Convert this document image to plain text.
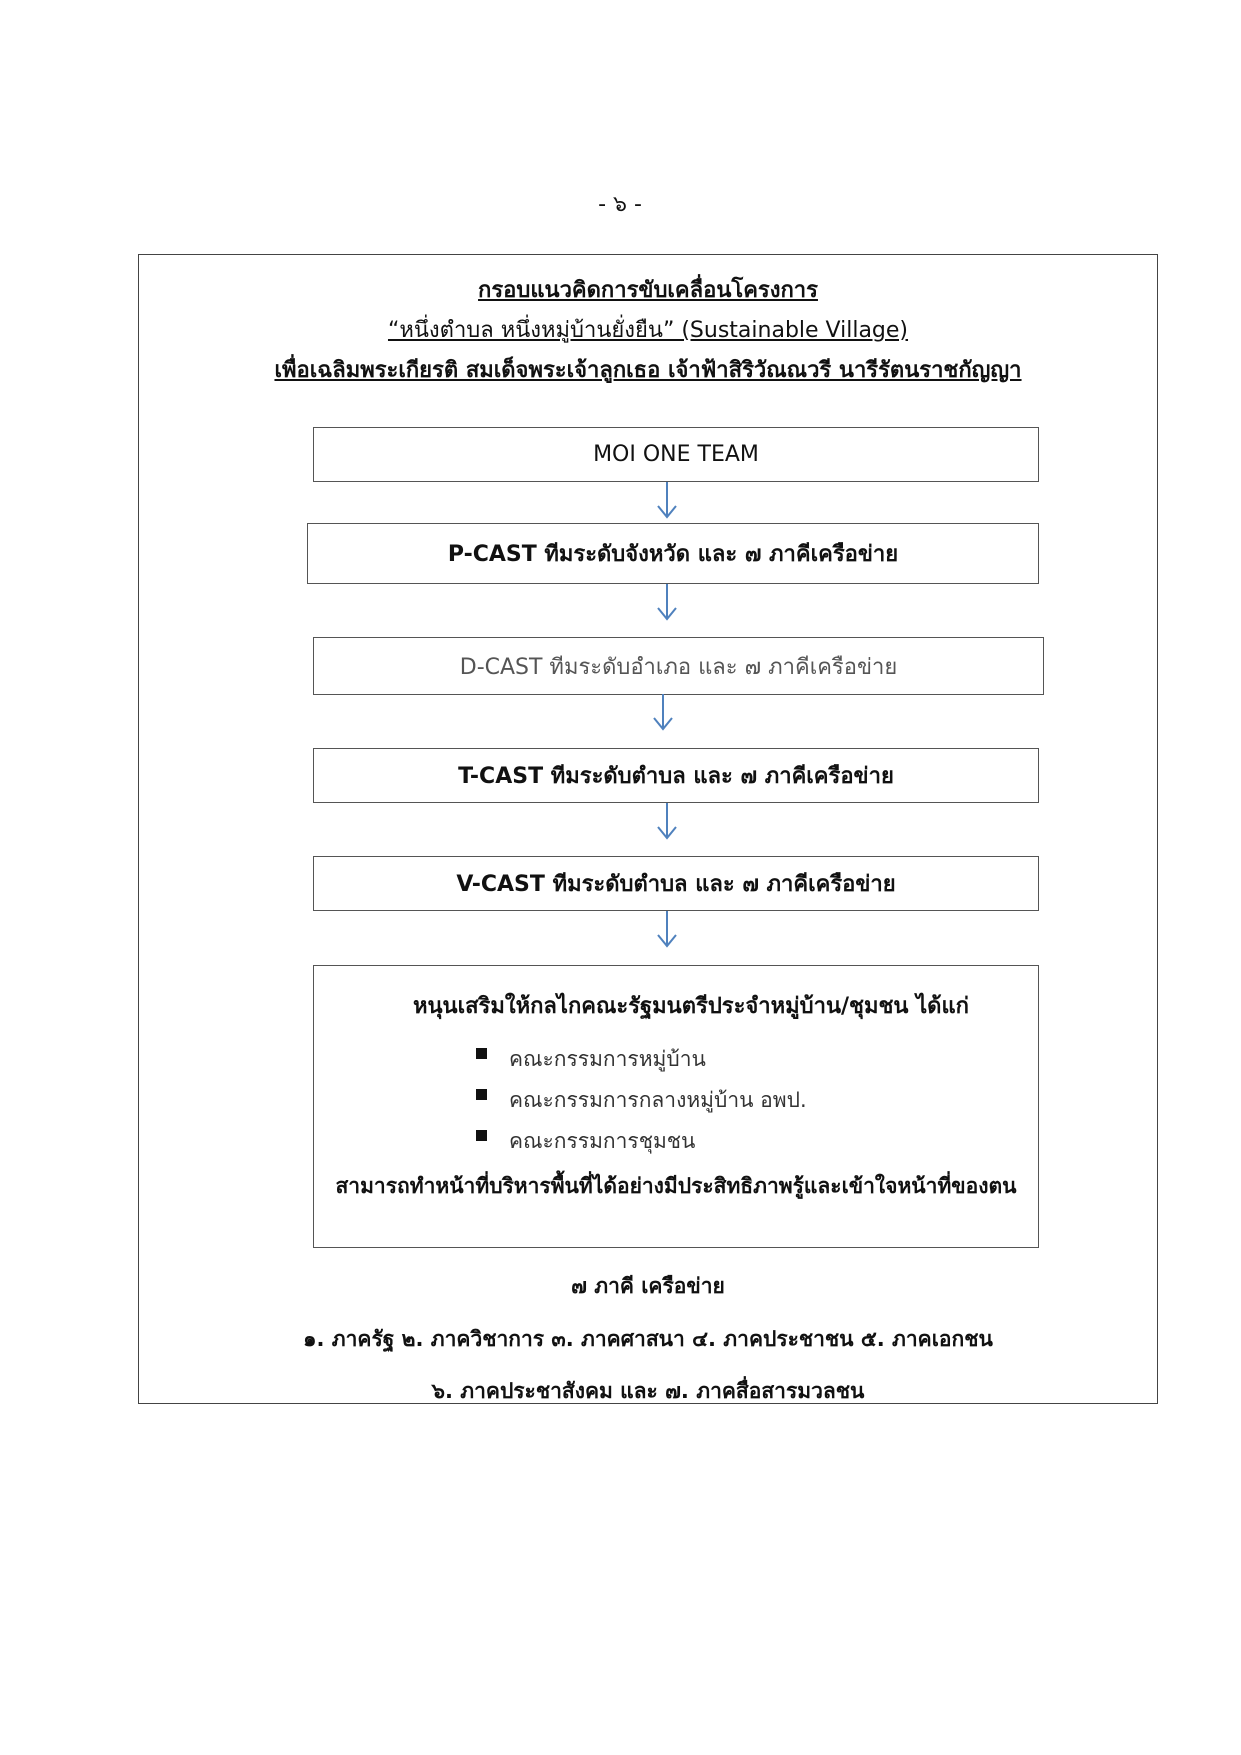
- ๖ -
กรอบแนวคิดการขับเคลื่อนโครงการ
“หนึ่งตำบล หนึ่งหมู่บ้านยั่งยืน” (Sustainable Village)
เพื่อเฉลิมพระเกียรติ สมเด็จพระเจ้าลูกเธอ เจ้าฟ้าสิริวัณณวรี นารีรัตนราชกัญญา
MOI ONE TEAM
P-CAST ทีมระดับจังหวัด และ ๗ ภาคีเครือข่าย
D-CAST ทีมระดับอำเภอ และ ๗ ภาคีเครือข่าย
T-CAST ทีมระดับตำบล และ ๗ ภาคีเครือข่าย
V-CAST ทีมระดับตำบล และ ๗ ภาคีเครือข่าย
หนุนเสริมให้กลไกคณะรัฐมนตรีประจำหมู่บ้าน/ชุมชน ได้แก่
คณะกรรมการหมู่บ้าน
คณะกรรมการกลางหมู่บ้าน อพป.
คณะกรรมการชุมชน
สามารถทำหน้าที่บริหารพื้นที่ได้อย่างมีประสิทธิภาพรู้และเข้าใจหน้าที่ของตน
๗ ภาคี เครือข่าย
๑. ภาครัฐ ๒. ภาควิชาการ ๓. ภาคศาสนา ๔. ภาคประชาชน ๕. ภาคเอกชน
๖. ภาคประชาสังคม และ ๗. ภาคสื่อสารมวลชน
